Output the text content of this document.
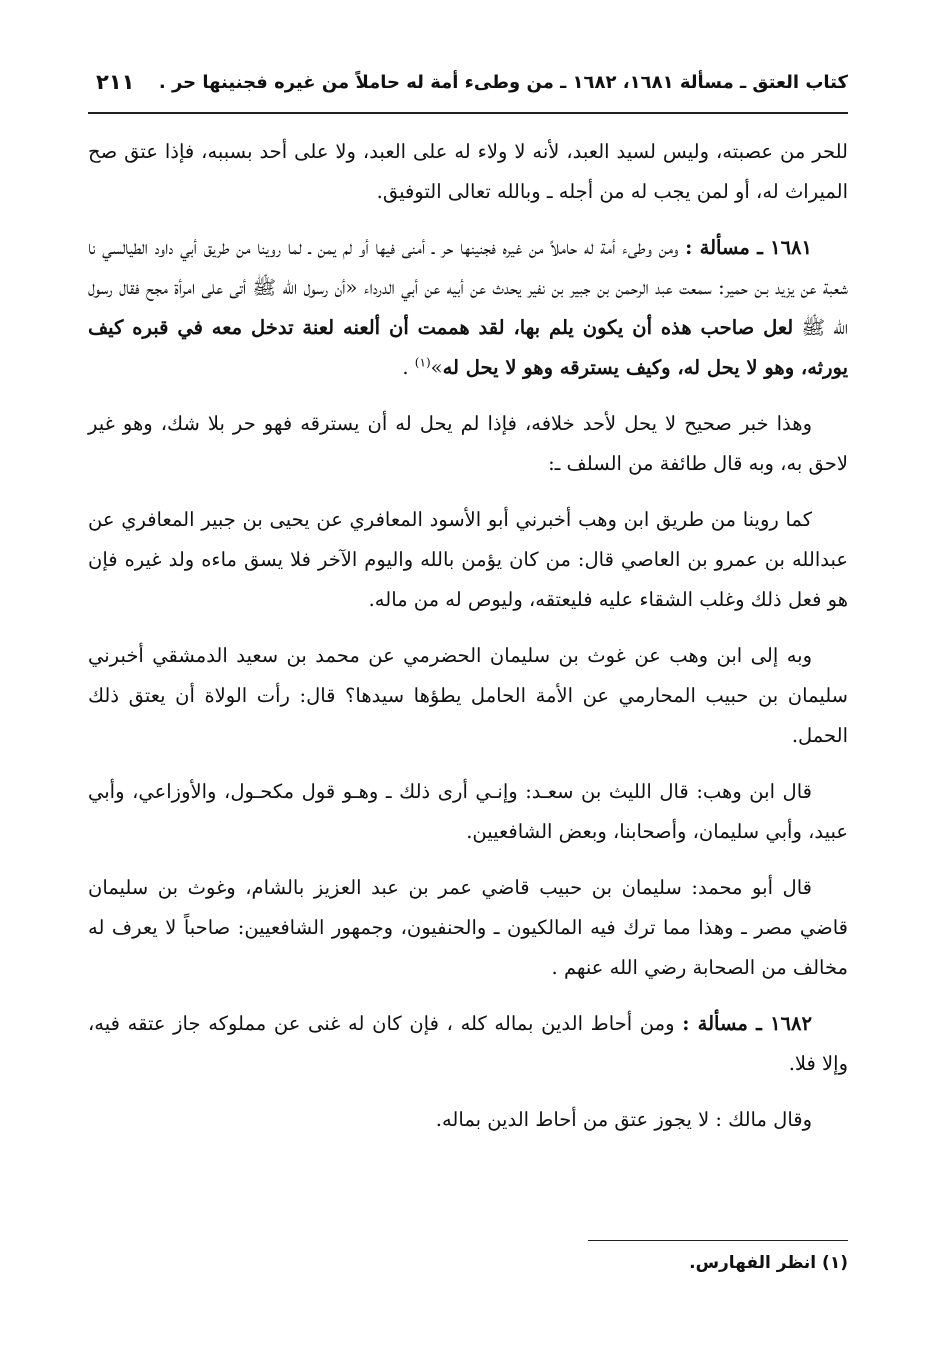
كتاب العتق ـ مسألة ١٦٨١، ١٦٨٢ ـ من وطىء أمة له حاملاً من غيره فجنينها حر .
٢١١

للحر من عصبته، وليس لسيد العبد، لأنه لا ولاء له على العبد، ولا على أحد بسببه، فإذا عتق صح الميراث له، أو لمن يجب له من أجله ـ وبالله تعالى التوفيق.

١٦٨١ ـ مسألة : ومن وطىء أمة له حاملاً من غيره فجنينها حر ـ أمنى فيها أو لم يمن ـ لما روينا من طريق أبي داود الطيالسي نا شعبة عن يزيد بـن حمير: سمعت عبد الرحمن بن جبير بن نفير يحدث عن أبيه عن أبي الدرداء «أن رسول الله ﷺ أتى على امرأة مجح فقال رسول الله ﷺ لعل صاحب هذه أن يكون يلم بها، لقد هممت أن ألعنه لعنة تدخل معه في قبره كيف يورثه، وهو لا يحل له، وكيف يسترقه وهو لا يحل له»$^{(١)}$ .

وهذا خبر صحيح لا يحل لأحد خلافه، فإذا لم يحل له أن يسترقه فهو حر بلا شك، وهو غير لاحق به، وبه قال طائفة من السلف ـ:

كما روينا من طريق ابن وهب أخبرني أبو الأسود المعافري عن يحيى بن جبير المعافري عن عبدالله بن عمرو بن العاصي قال: من كان يؤمن بالله واليوم الآخر فلا يسق ماءه ولد غيره فإن هو فعل ذلك وغلب الشقاء عليه فليعتقه، وليوص له من ماله.

وبه إلى ابن وهب عن غوث بن سليمان الحضرمي عن محمد بن سعيد الدمشقي أخبرني سليمان بن حبيب المحارمي عن الأمة الحامل يطؤها سيدها؟ قال: رأت الولاة أن يعتق ذلك الحمل.

قال ابن وهب: قال الليث بن سعـد: وإنـي أرى ذلك ـ وهـو قول مكحـول، والأوزاعي، وأبي عبيد، وأبي سليمان، وأصحابنا، وبعض الشافعيين.

قال أبو محمد: سليمان بن حبيب قاضي عمر بن عبد العزيز بالشام، وغوث بن سليمان قاضي مصر ـ وهذا مما ترك فيه المالكيون ـ والحنفيون، وجمهور الشافعيين: صاحباً لا يعرف له مخالف من الصحابة رضي الله عنهم .

١٦٨٢ ـ مسألة : ومن أحاط الدين بماله كله ، فإن كان له غنى عن مملوكه جاز عتقه فيه، وإلا فلا.

وقال مالك : لا يجوز عتق من أحاط الدين بماله.

(١) انظر الفهارس.
